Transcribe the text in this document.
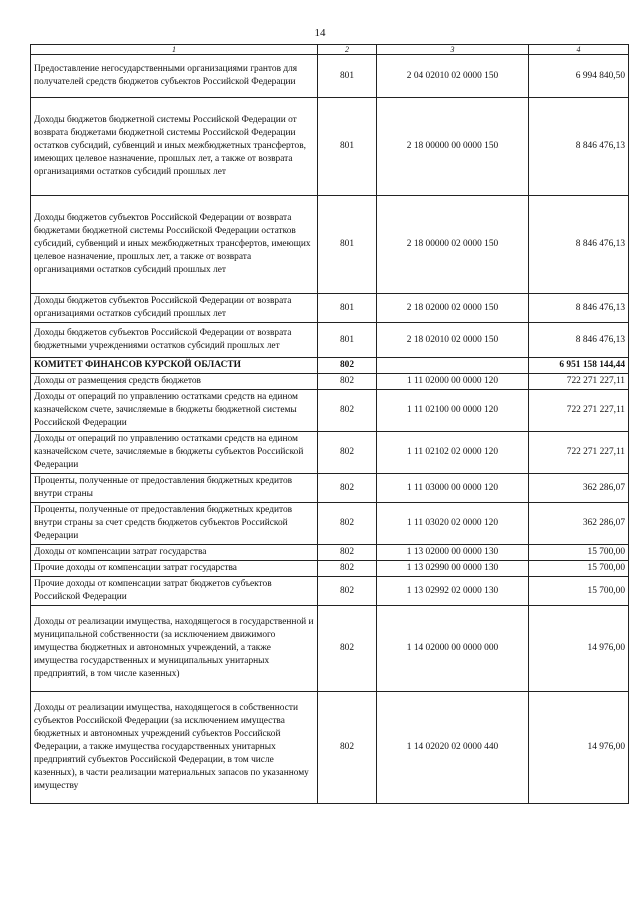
14
1	2	3	4
Предоставление негосударственными организациями грантов для получателей средств бюджетов субъектов Российской Федерации	801	2 04 02010 02 0000 150	6 994 840,50
Доходы бюджетов бюджетной системы Российской Федерации от возврата бюджетами бюджетной системы Российской Федерации остатков субсидий, субвенций и иных межбюджетных трансфертов, имеющих целевое назначение, прошлых лет, а также от возврата организациями остатков субсидий прошлых лет	801	2 18 00000 00 0000 150	8 846 476,13
Доходы бюджетов субъектов Российской Федерации от возврата бюджетами бюджетной системы Российской Федерации остатков субсидий, субвенций и иных межбюджетных трансфертов, имеющих целевое назначение, прошлых лет, а также от возврата организациями остатков субсидий прошлых лет	801	2 18 00000 02 0000 150	8 846 476,13
Доходы бюджетов субъектов Российской Федерации от возврата организациями остатков субсидий прошлых лет	801	2 18 02000 02 0000 150	8 846 476,13
Доходы бюджетов субъектов Российской Федерации от возврата бюджетными учреждениями остатков субсидий прошлых лет	801	2 18 02010 02 0000 150	8 846 476,13
КОМИТЕТ ФИНАНСОВ КУРСКОЙ ОБЛАСТИ	802		6 951 158 144,44
Доходы от размещения средств бюджетов	802	1 11 02000 00 0000 120	722 271 227,11
Доходы от операций по управлению остатками средств на едином казначейском счете, зачисляемые в бюджеты бюджетной системы Российской Федерации	802	1 11 02100 00 0000 120	722 271 227,11
Доходы от операций по управлению остатками средств на едином казначейском счете, зачисляемые в бюджеты субъектов Российской Федерации	802	1 11 02102 02 0000 120	722 271 227,11
Проценты, полученные от предоставления бюджетных кредитов внутри страны	802	1 11 03000 00 0000 120	362 286,07
Проценты, полученные от предоставления бюджетных кредитов внутри страны за счет средств бюджетов субъектов Российской Федерации	802	1 11 03020 02 0000 120	362 286,07
Доходы от компенсации затрат государства	802	1 13 02000 00 0000 130	15 700,00
Прочие доходы от компенсации затрат государства	802	1 13 02990 00 0000 130	15 700,00
Прочие доходы от компенсации затрат бюджетов субъектов Российской Федерации	802	1 13 02992 02 0000 130	15 700,00
Доходы от реализации имущества, находящегося в государственной и муниципальной собственности (за исключением движимого имущества бюджетных и автономных учреждений, а также имущества государственных и муниципальных унитарных предприятий, в том числе казенных)	802	1 14 02000 00 0000 000	14 976,00
Доходы от реализации имущества, находящегося в собственности субъектов Российской Федерации (за исключением имущества бюджетных и автономных учреждений субъектов Российской Федерации, а также имущества государственных унитарных предприятий субъектов Российской Федерации, в том числе казенных), в части реализации материальных запасов по указанному имуществу	802	1 14 02020 02 0000 440	14 976,00
